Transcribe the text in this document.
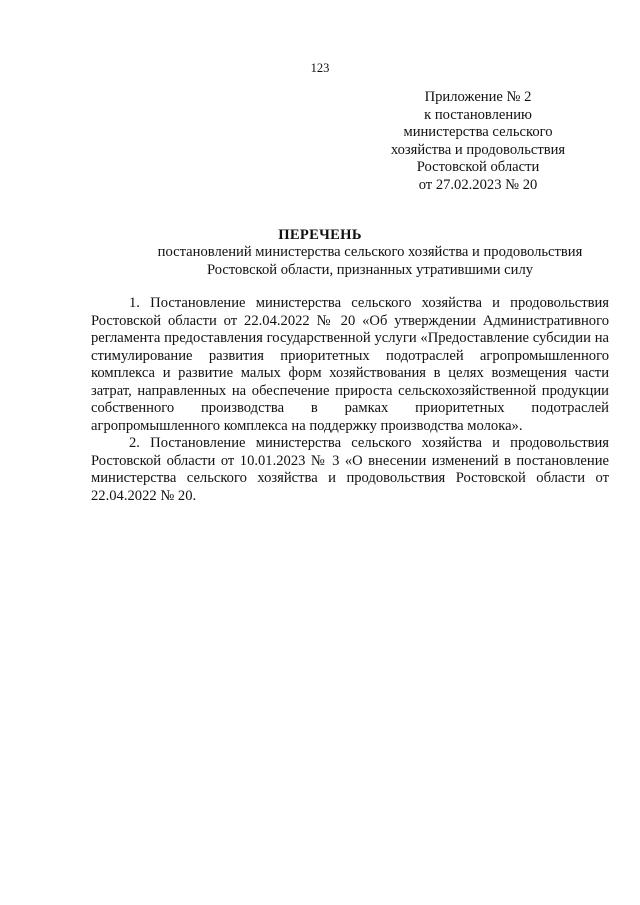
123
Приложение № 2
к постановлению
министерства сельского
хозяйства и продовольствия
Ростовской области
от 27.02.2023 № 20
ПЕРЕЧЕНЬ
постановлений министерства сельского хозяйства и продовольствия
Ростовской области, признанных утратившими силу

1. Постановление министерства сельского хозяйства и продовольствия Ростовской области от 22.04.2022 № 20 «Об утверждении Административного регламента предоставления государственной услуги «Предоставление субсидии на стимулирование развития приоритетных подотраслей агропромышленного комплекса и развитие малых форм хозяйствования в целях возмещения части затрат, направленных на обеспечение прироста сельскохозяйственной продукции собственного производства в рамках приоритетных подотраслей агропромышленного комплекса на поддержку производства молока».

2. Постановление министерства сельского хозяйства и продовольствия Ростовской области от 10.01.2023 № 3 «О внесении изменений в постановление министерства сельского хозяйства и продовольствия Ростовской области от 22.04.2022 № 20.
